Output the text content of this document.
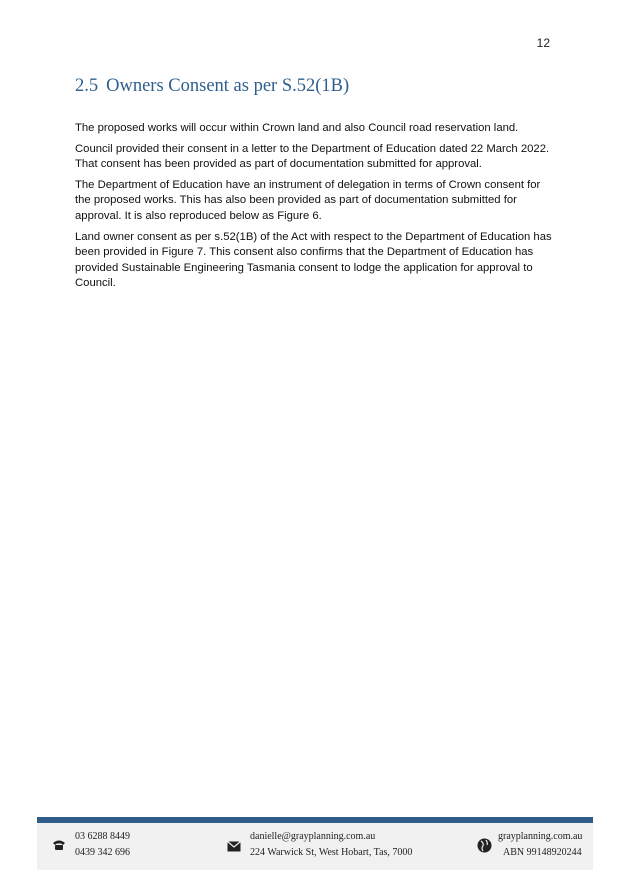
12
2.5 Owners Consent as per S.52(1B)

The proposed works will occur within Crown land and also Council road reservation land.

Council provided their consent in a letter to the Department of Education dated 22 March 2022. That consent has been provided as part of documentation submitted for approval.

The Department of Education have an instrument of delegation in terms of Crown consent for the proposed works. This has also been provided as part of documentation submitted for approval. It is also reproduced below as Figure 6.

Land owner consent as per s.52(1B) of the Act with respect to the Department of Education has been provided in Figure 7. This consent also confirms that the Department of Education has provided Sustainable Engineering Tasmania consent to lodge the application for approval to Council.

03 6288 8449
0439 342 696
danielle@grayplanning.com.au
224 Warwick St, West Hobart, Tas, 7000
grayplanning.com.au
ABN 99148920244
